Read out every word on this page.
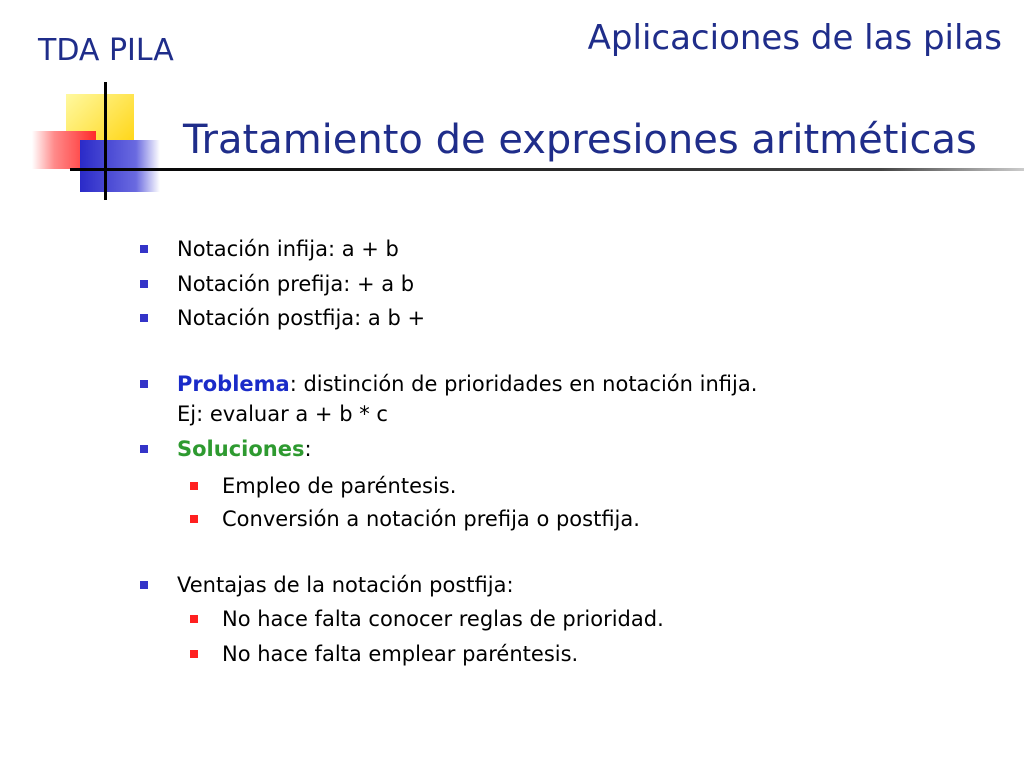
TDA PILA	Aplicaciones de las pilas
Tratamiento de expresiones aritméticas
Notación infija: a + b
Notación prefija: + a b
Notación postfija: a b +
Problema: distinción de prioridades en notación infija.
Ej: evaluar a + b * c
Soluciones:
Empleo de paréntesis.
Conversión a notación prefija o postfija.
Ventajas de la notación postfija:
No hace falta conocer reglas de prioridad.
No hace falta emplear paréntesis.
